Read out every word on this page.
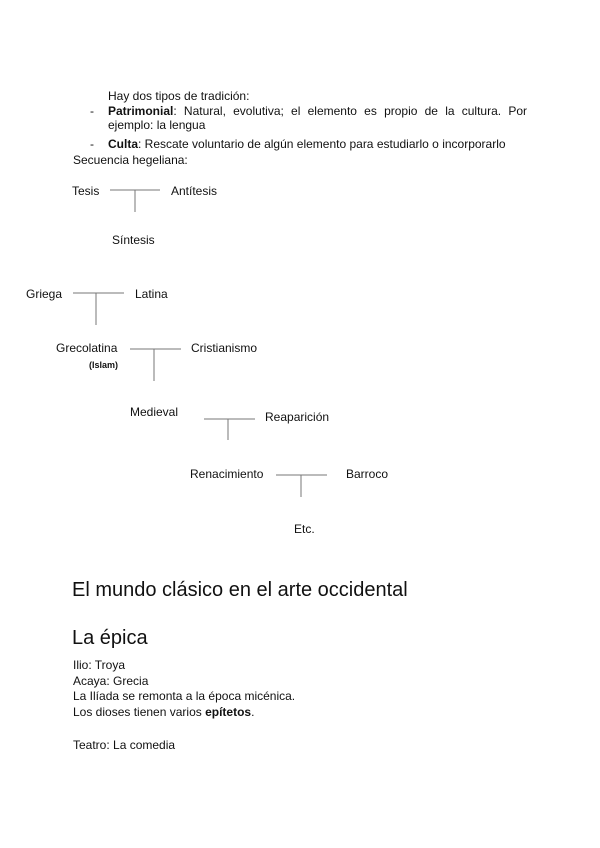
Hay dos tipos de tradición:
- Patrimonial: Natural, evolutiva; el elemento es propio de la cultura. Por ejemplo: la lengua
- Culta: Rescate voluntario de algún elemento para estudiarlo o incorporarlo
Secuencia hegeliana:
Tesis	Antítesis
Síntesis
Griega	Latina
Grecolatina
(Islam)
Cristianismo
Medieval	Reaparición
Renacimiento	Barroco
Etc.
El mundo clásico en el arte occidental
La épica
Ilio: Troya
Acaya: Grecia
La Ilíada se remonta a la época micénica.
Los dioses tienen varios epítetos.
Teatro: La comedia
